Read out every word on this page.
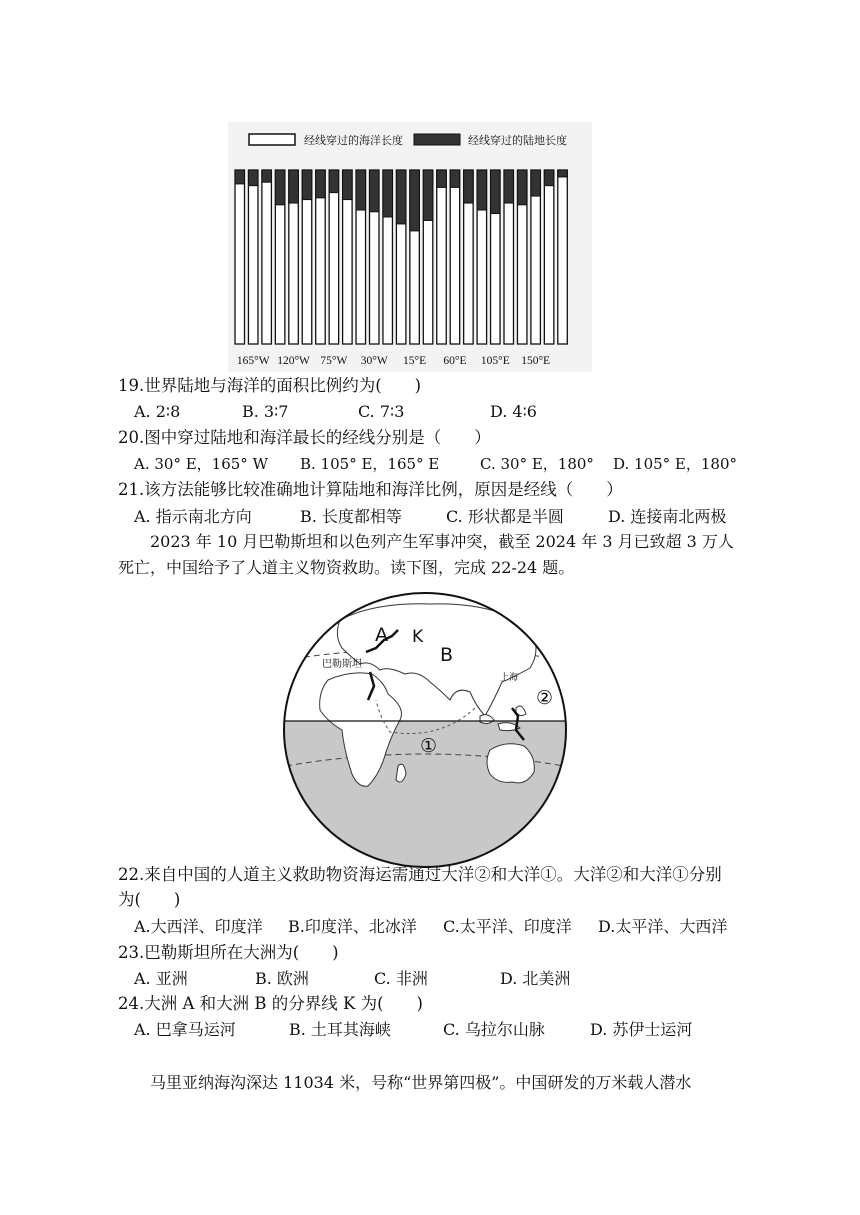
经线穿过的海洋长度	经线穿过的陆地长度
165°W 120°W 75°W 30°W 15°E 60°E 105°E 150°E
19.世界陆地与海洋的面积比例约为(　　)
A. 2∶8	B. 3∶7	C. 7∶3	D. 4∶6
20.图中穿过陆地和海洋最长的经线分别是（　　）
A. 30° E，165° W B. 105° E，165° E	C. 30° E，180° D. 105° E，180°
21.该方法能够比较准确地计算陆地和海洋比例，原因是经线（　　）
A. 指示南北方向	B. 长度都相等	C. 形状都是半圆	D. 连接南北两极
2023 年 10 月巴勒斯坦和以色列产生军事冲突，截至 2024 年 3 月已致超 3 万人
死亡，中国给予了人道主义物资救助。读下图，完成 22-24 题。
A K
B
巴勒斯坦
上海
①
②
22.来自中国的人道主义救助物资海运需通过大洋②和大洋①。大洋②和大洋①分别
为(　　)
A.大西洋、印度洋 B.印度洋、北冰洋 C.太平洋、印度洋 D.太平洋、大西洋
23.巴勒斯坦所在大洲为(　　)
A. 亚洲	B. 欧洲	C. 非洲	D. 北美洲
24.大洲 A 和大洲 B 的分界线 K 为(　　)
A. 巴拿马运河	B. 土耳其海峡	C. 乌拉尔山脉	D. 苏伊士运河
马里亚纳海沟深达 11034 米，号称“世界第四极”。中国研发的万米载人潜水
